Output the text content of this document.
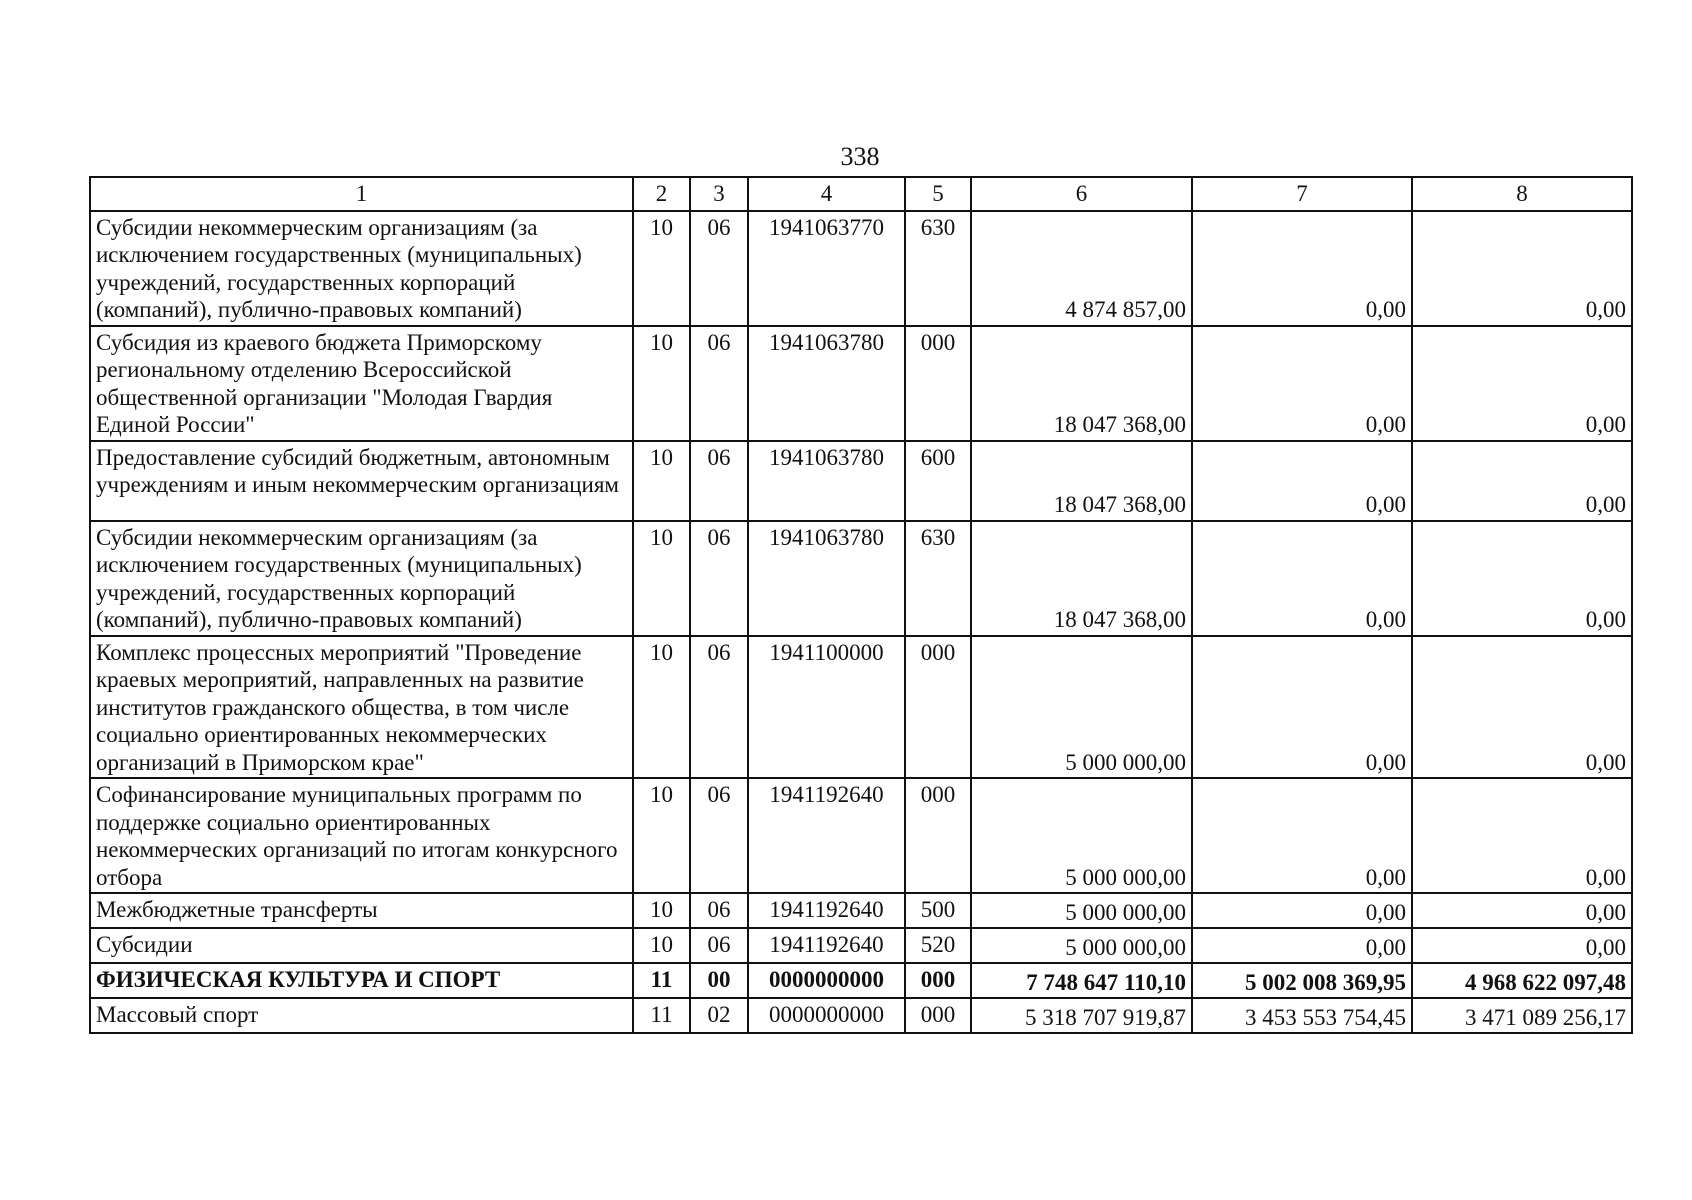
338
1	2	3	4	5	6	7	8
Субсидии некоммерческим организациям (за исключением государственных (муниципальных) учреждений, государственных корпораций (компаний), публично-правовых компаний)	10	06	1941063770	630	4 874 857,00	0,00	0,00
Субсидия из краевого бюджета Приморскому региональному отделению Всероссийской общественной организации "Молодая Гвардия Единой России"	10	06	1941063780	000	18 047 368,00	0,00	0,00
Предоставление субсидий бюджетным, автономным учреждениям и иным некоммерческим организациям	10	06	1941063780	600	18 047 368,00	0,00	0,00
Субсидии некоммерческим организациям (за исключением государственных (муниципальных) учреждений, государственных корпораций (компаний), публично-правовых компаний)	10	06	1941063780	630	18 047 368,00	0,00	0,00
Комплекс процессных мероприятий "Проведение краевых мероприятий, направленных на развитие институтов гражданского общества, в том числе социально ориентированных некоммерческих организаций в Приморском крае"	10	06	1941100000	000	5 000 000,00	0,00	0,00
Софинансирование муниципальных программ по поддержке социально ориентированных некоммерческих организаций по итогам конкурсного отбора	10	06	1941192640	000	5 000 000,00	0,00	0,00
Межбюджетные трансферты	10	06	1941192640	500	5 000 000,00	0,00	0,00
Субсидии	10	06	1941192640	520	5 000 000,00	0,00	0,00
ФИЗИЧЕСКАЯ КУЛЬТУРА И СПОРТ	11	00	0000000000	000	7 748 647 110,10	5 002 008 369,95	4 968 622 097,48
Массовый спорт	11	02	0000000000	000	5 318 707 919,87	3 453 553 754,45	3 471 089 256,17
